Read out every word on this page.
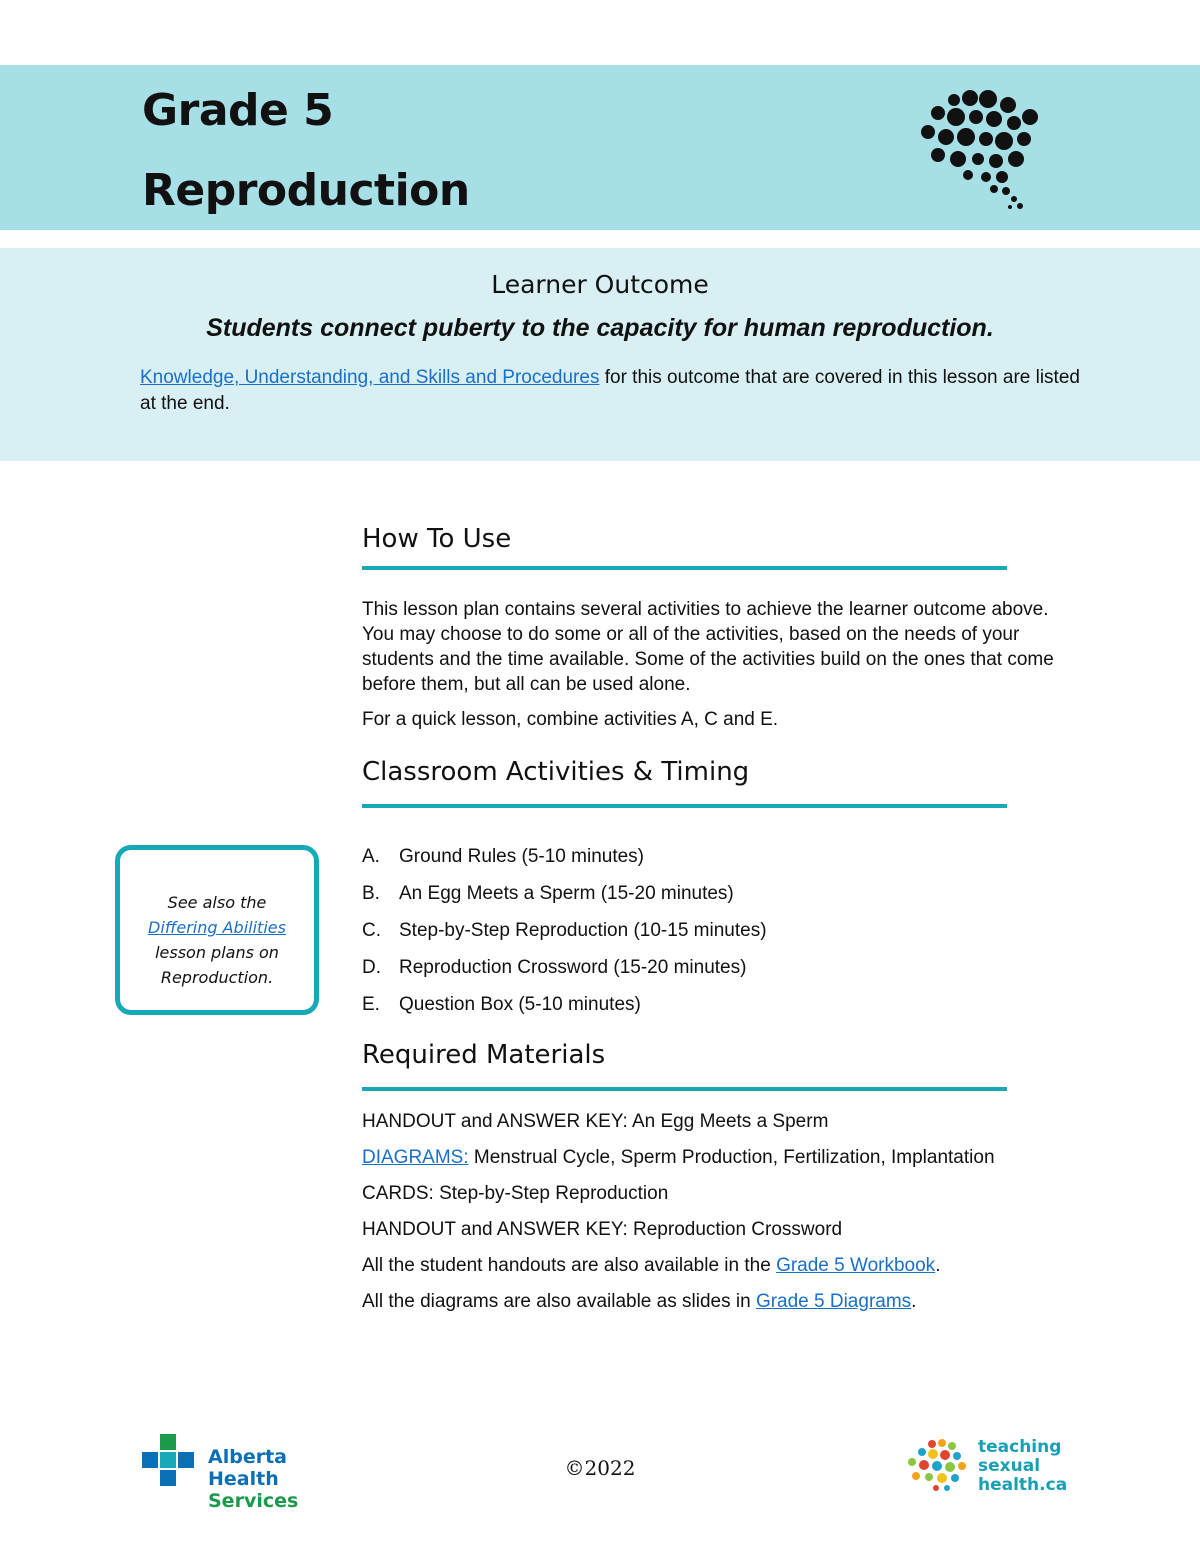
Grade 5
Reproduction
Learner Outcome
Students connect puberty to the capacity for human reproduction.
Knowledge, Understanding, and Skills and Procedures for this outcome that are covered in this lesson are listed at the end.
How To Use

This lesson plan contains several activities to achieve the learner outcome above. You may choose to do some or all of the activities, based on the needs of your students and the time available. Some of the activities build on the ones that come before them, but all can be used alone.

For a quick lesson, combine activities A, C and E.

Classroom Activities & Timing
A. Ground Rules (5-10 minutes)
B. An Egg Meets a Sperm (15-20 minutes)
C. Step-by-Step Reproduction (10-15 minutes)
D. Reproduction Crossword (15-20 minutes)
E. Question Box (5-10 minutes)
See also the
Differing Abilities
lesson plans on
Reproduction.
Required Materials

HANDOUT and ANSWER KEY: An Egg Meets a Sperm

DIAGRAMS: Menstrual Cycle, Sperm Production, Fertilization, Implantation

CARDS: Step-by-Step Reproduction

HANDOUT and ANSWER KEY: Reproduction Crossword

All the student handouts are also available in the Grade 5 Workbook.

All the diagrams are also available as slides in Grade 5 Diagrams.

Alberta Health
Services
©2022
teaching
sexual
health.ca
